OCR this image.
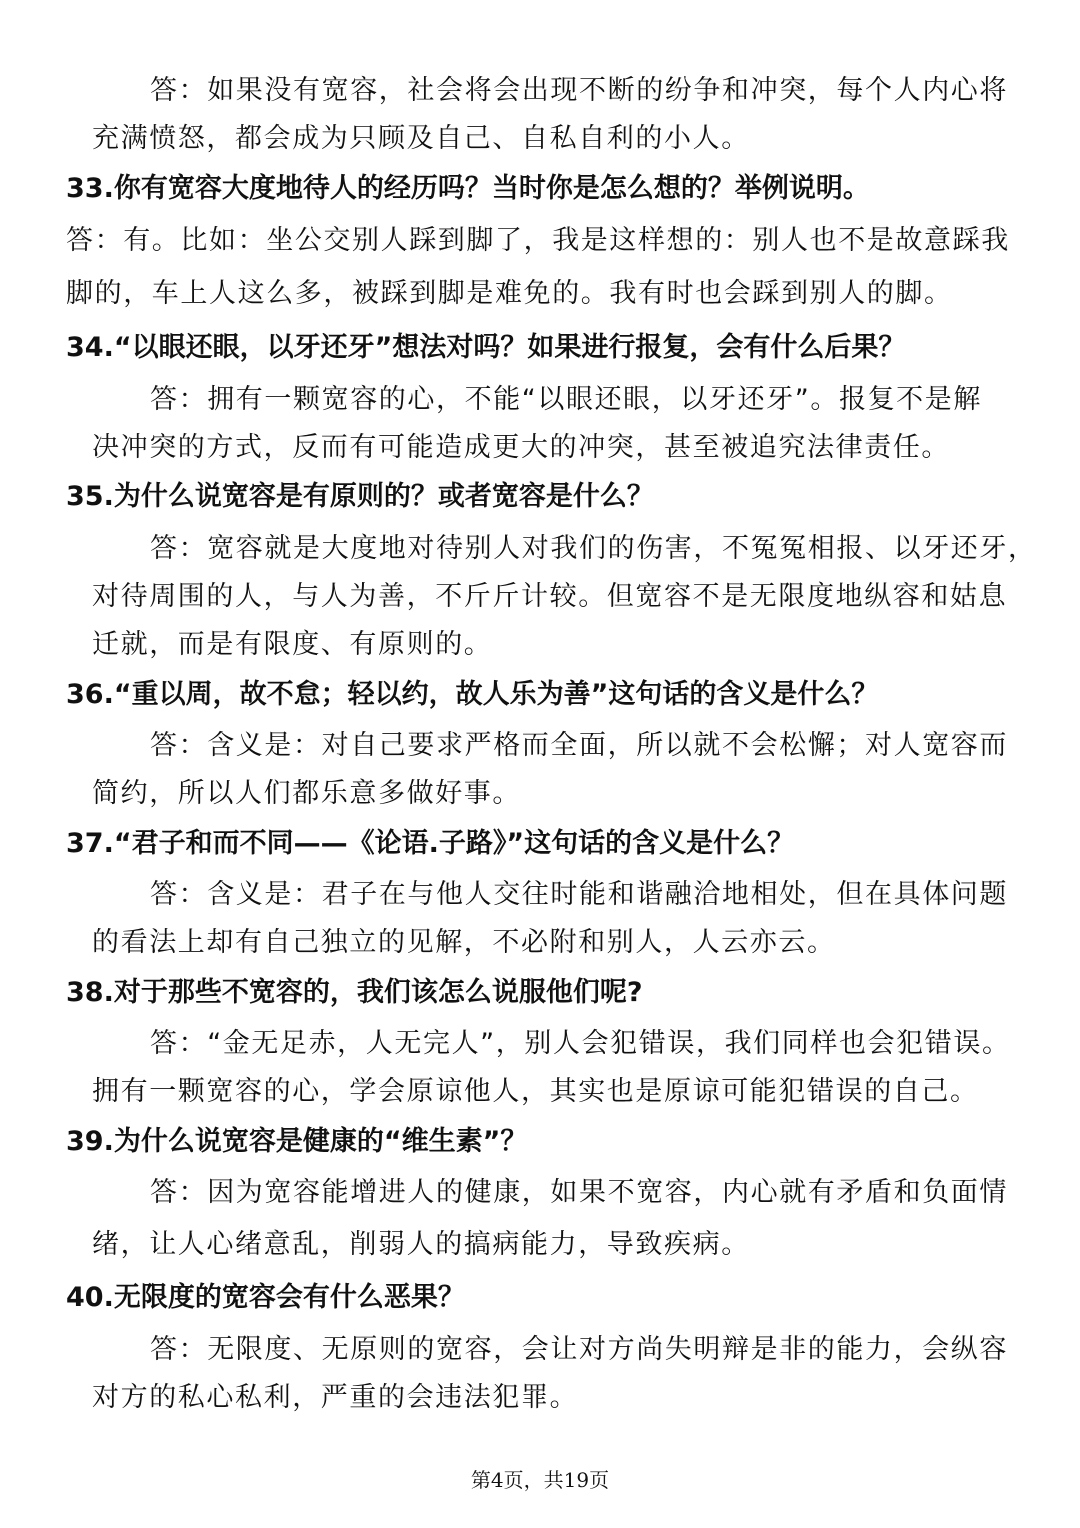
答：如果没有宽容，社会将会出现不断的纷争和冲突，每个人内心将
充满愤怒，都会成为只顾及自己、自私自利的小人。
33.你有宽容大度地待人的经历吗？当时你是怎么想的？举例说明。
答：有。比如：坐公交别人踩到脚了，我是这样想的：别人也不是故意踩我
脚的，车上人这么多，被踩到脚是难免的。我有时也会踩到别人的脚。
34.“以眼还眼，以牙还牙”想法对吗？如果进行报复，会有什么后果？
答：拥有一颗宽容的心，不能“以眼还眼，以牙还牙”。报复不是解
决冲突的方式，反而有可能造成更大的冲突，甚至被追究法律责任。
35.为什么说宽容是有原则的？或者宽容是什么？
答：宽容就是大度地对待别人对我们的伤害，不冤冤相报、以牙还牙，
对待周围的人，与人为善，不斤斤计较。但宽容不是无限度地纵容和姑息
迁就，而是有限度、有原则的。
36.“重以周，故不怠；轻以约，故人乐为善”这句话的含义是什么？
答：含义是：对自己要求严格而全面，所以就不会松懈；对人宽容而
简约，所以人们都乐意多做好事。
37.“君子和而不同——《论语.子路》”这句话的含义是什么？
答：含义是：君子在与他人交往时能和谐融洽地相处，但在具体问题
的看法上却有自己独立的见解，不必附和别人，人云亦云。
38.对于那些不宽容的，我们该怎么说服他们呢?
答：“金无足赤，人无完人”，别人会犯错误，我们同样也会犯错误。
拥有一颗宽容的心，学会原谅他人，其实也是原谅可能犯错误的自己。
39.为什么说宽容是健康的“维生素”？
答：因为宽容能增进人的健康，如果不宽容，内心就有矛盾和负面情
绪，让人心绪意乱，削弱人的搞病能力，导致疾病。
40.无限度的宽容会有什么恶果？
答：无限度、无原则的宽容，会让对方尚失明辩是非的能力，会纵容
对方的私心私利，严重的会违法犯罪。
第4页，共19页
